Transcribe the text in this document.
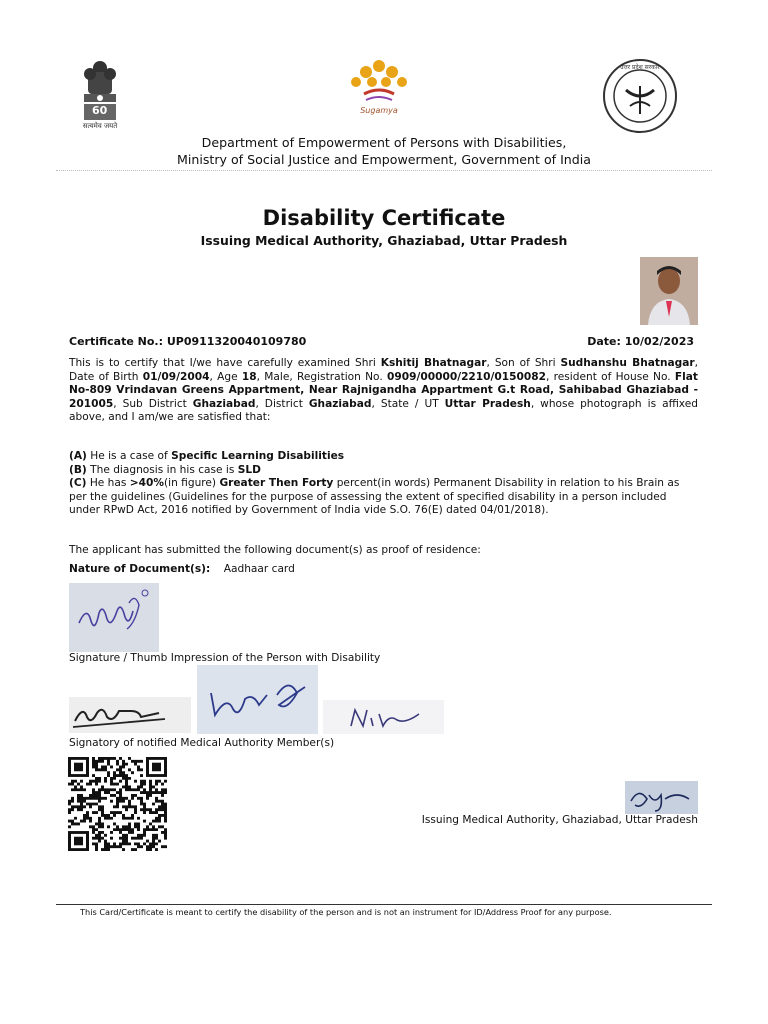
60
सत्यमेव जयते
Sugamya
उत्तर प्रदेश सरकार
Department of Empowerment of Persons with Disabilities,
Ministry of Social Justice and Empowerment, Government of India
Disability Certificate
Issuing Medical Authority, Ghaziabad, Uttar Pradesh
Certificate No.: UP0911320040109780	Date: 10/02/2023
This is to certify that I/we have carefully examined Shri Kshitij Bhatnagar, Son of Shri Sudhanshu Bhatnagar, Date of Birth 01/09/2004, Age 18, Male, Registration No. 0909/00000/2210/0150082, resident of House No. Flat No-809 Vrindavan Greens Appartment, Near Rajnigandha Appartment G.t Road, Sahibabad Ghaziabad - 201005, Sub District Ghaziabad, District Ghaziabad, State / UT Uttar Pradesh, whose photograph is affixed above, and I am/we are satisfied that:
(A) He is a case of Specific Learning Disabilities
(B) The diagnosis in his case is SLD
(C) He has >40%(in figure) Greater Then Forty percent(in words) Permanent Disability in relation to his Brain as per the guidelines (Guidelines for the purpose of assessing the extent of specified disability in a person included under RPwD Act, 2016 notified by Government of India vide S.O. 76(E) dated 04/01/2018).
The applicant has submitted the following document(s) as proof of residence:
Nature of Document(s): Aadhaar card
Signature / Thumb Impression of the Person with Disability
Signatory of notified Medical Authority Member(s)
Issuing Medical Authority, Ghaziabad, Uttar Pradesh
This Card/Certificate is meant to certify the disability of the person and is not an instrument for ID/Address Proof for any purpose.
